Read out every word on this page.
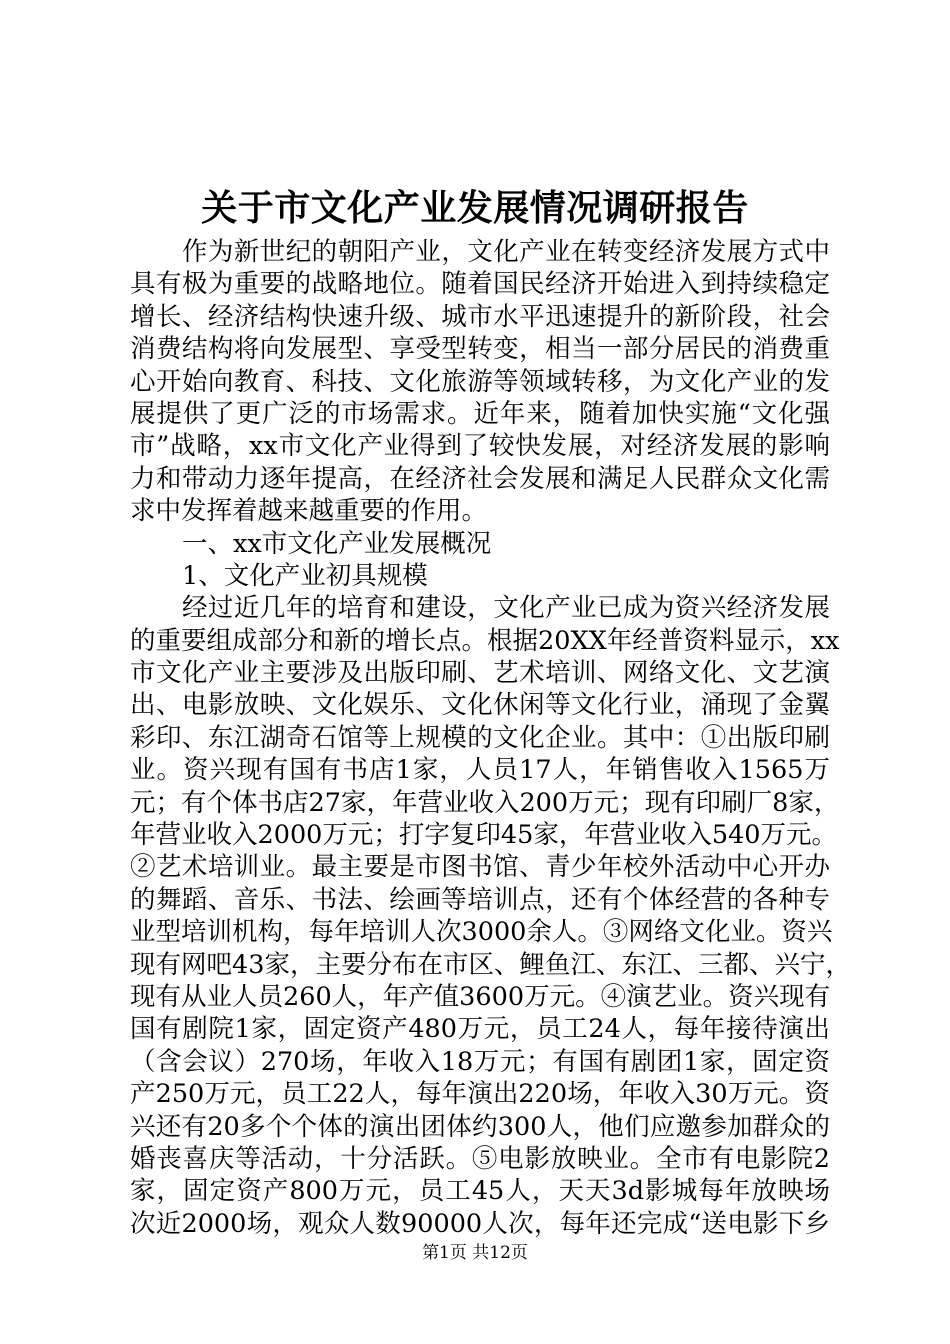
关于市文化产业发展情况调研报告
作为新世纪的朝阳产业，文化产业在转变经济发展方式中
具有极为重要的战略地位。随着国民经济开始进入到持续稳定
增长、经济结构快速升级、城市水平迅速提升的新阶段，社会
消费结构将向发展型、享受型转变，相当一部分居民的消费重
心开始向教育、科技、文化旅游等领域转移，为文化产业的发
展提供了更广泛的市场需求。近年来，随着加快实施“文化强
市”战略，xx市文化产业得到了较快发展，对经济发展的影响
力和带动力逐年提高，在经济社会发展和满足人民群众文化需
求中发挥着越来越重要的作用。
一、xx市文化产业发展概况
1、文化产业初具规模
经过近几年的培育和建设，文化产业已成为资兴经济发展
的重要组成部分和新的增长点。根据20XX年经普资料显示，xx
市文化产业主要涉及出版印刷、艺术培训、网络文化、文艺演
出、电影放映、文化娱乐、文化休闲等文化行业，涌现了金翼
彩印、东江湖奇石馆等上规模的文化企业。其中：①出版印刷
业。资兴现有国有书店1家，人员17人，年销售收入1565万
元；有个体书店27家，年营业收入200万元；现有印刷厂8家，
年营业收入2000万元；打字复印45家，年营业收入540万元。
②艺术培训业。最主要是市图书馆、青少年校外活动中心开办
的舞蹈、音乐、书法、绘画等培训点，还有个体经营的各种专
业型培训机构，每年培训人次3000余人。③网络文化业。资兴
现有网吧43家，主要分布在市区、鲤鱼江、东江、三都、兴宁，
现有从业人员260人，年产值3600万元。④演艺业。资兴现有
国有剧院1家，固定资产480万元，员工24人，每年接待演出
（含会议）270场，年收入18万元；有国有剧团1家，固定资
产250万元，员工22人，每年演出220场，年收入30万元。资
兴还有20多个个体的演出团体约300人，他们应邀参加群众的
婚丧喜庆等活动，十分活跃。⑤电影放映业。全市有电影院2
家，固定资产800万元，员工45人，天天3d影城每年放映场
次近2000场，观众人数90000人次，每年还完成“送电影下乡
第1页 共12页
